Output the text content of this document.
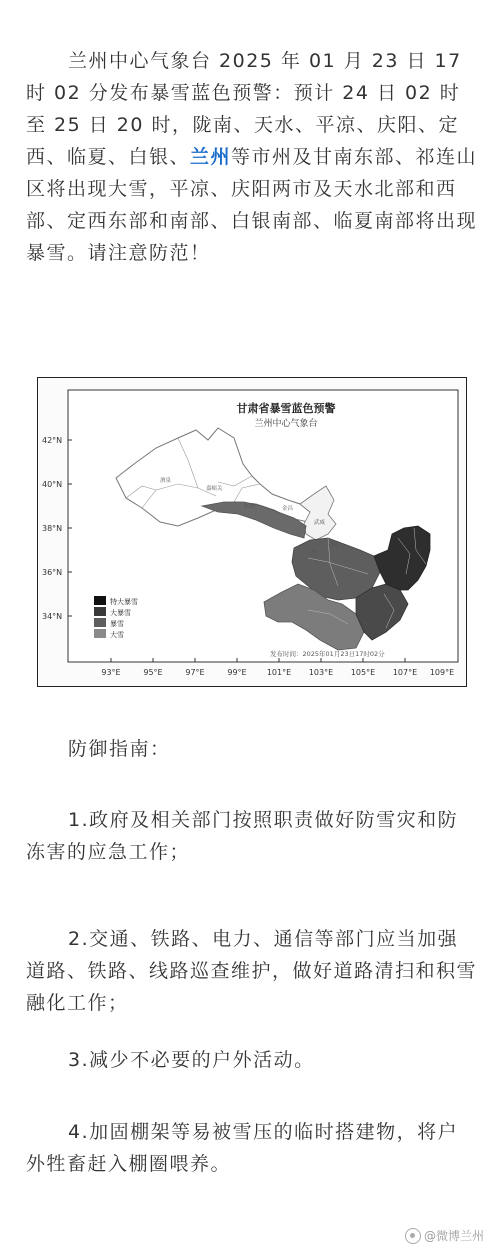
兰州中心气象台 2025 年 01 月 23 日 17 时 02 分发布暴雪蓝色预警：预计 24 日 02 时至 25 日 20 时，陇南、天水、平凉、庆阳、定西、临夏、白银、兰州等市州及甘南东部、祁连山区将出现大雪，平凉、庆阳两市及天水北部和西部、定西东部和南部、白银南部、临夏南部将出现暴雪。请注意防范！

甘肃省暴雪蓝色预警
兰州中心气象台
42°N
40°N
38°N
36°N
34°N
93°E	95°E	97°E	99°E	101°E 103°E 105°E 107°E 109°E
酒泉
嘉峪关
张掖	金昌
武威
白银
兰州
特大暴雪
大暴雪
暴雪
大雪
发布时间：2025年01月23日17时02分

防御指南：

1.政府及相关部门按照职责做好防雪灾和防冻害的应急工作；

2.交通、铁路、电力、通信等部门应当加强道路、铁路、线路巡查维护，做好道路清扫和积雪融化工作；

3.减少不必要的户外活动。

4.加固棚架等易被雪压的临时搭建物，将户外牲畜赶入棚圈喂养。

@微博兰州
